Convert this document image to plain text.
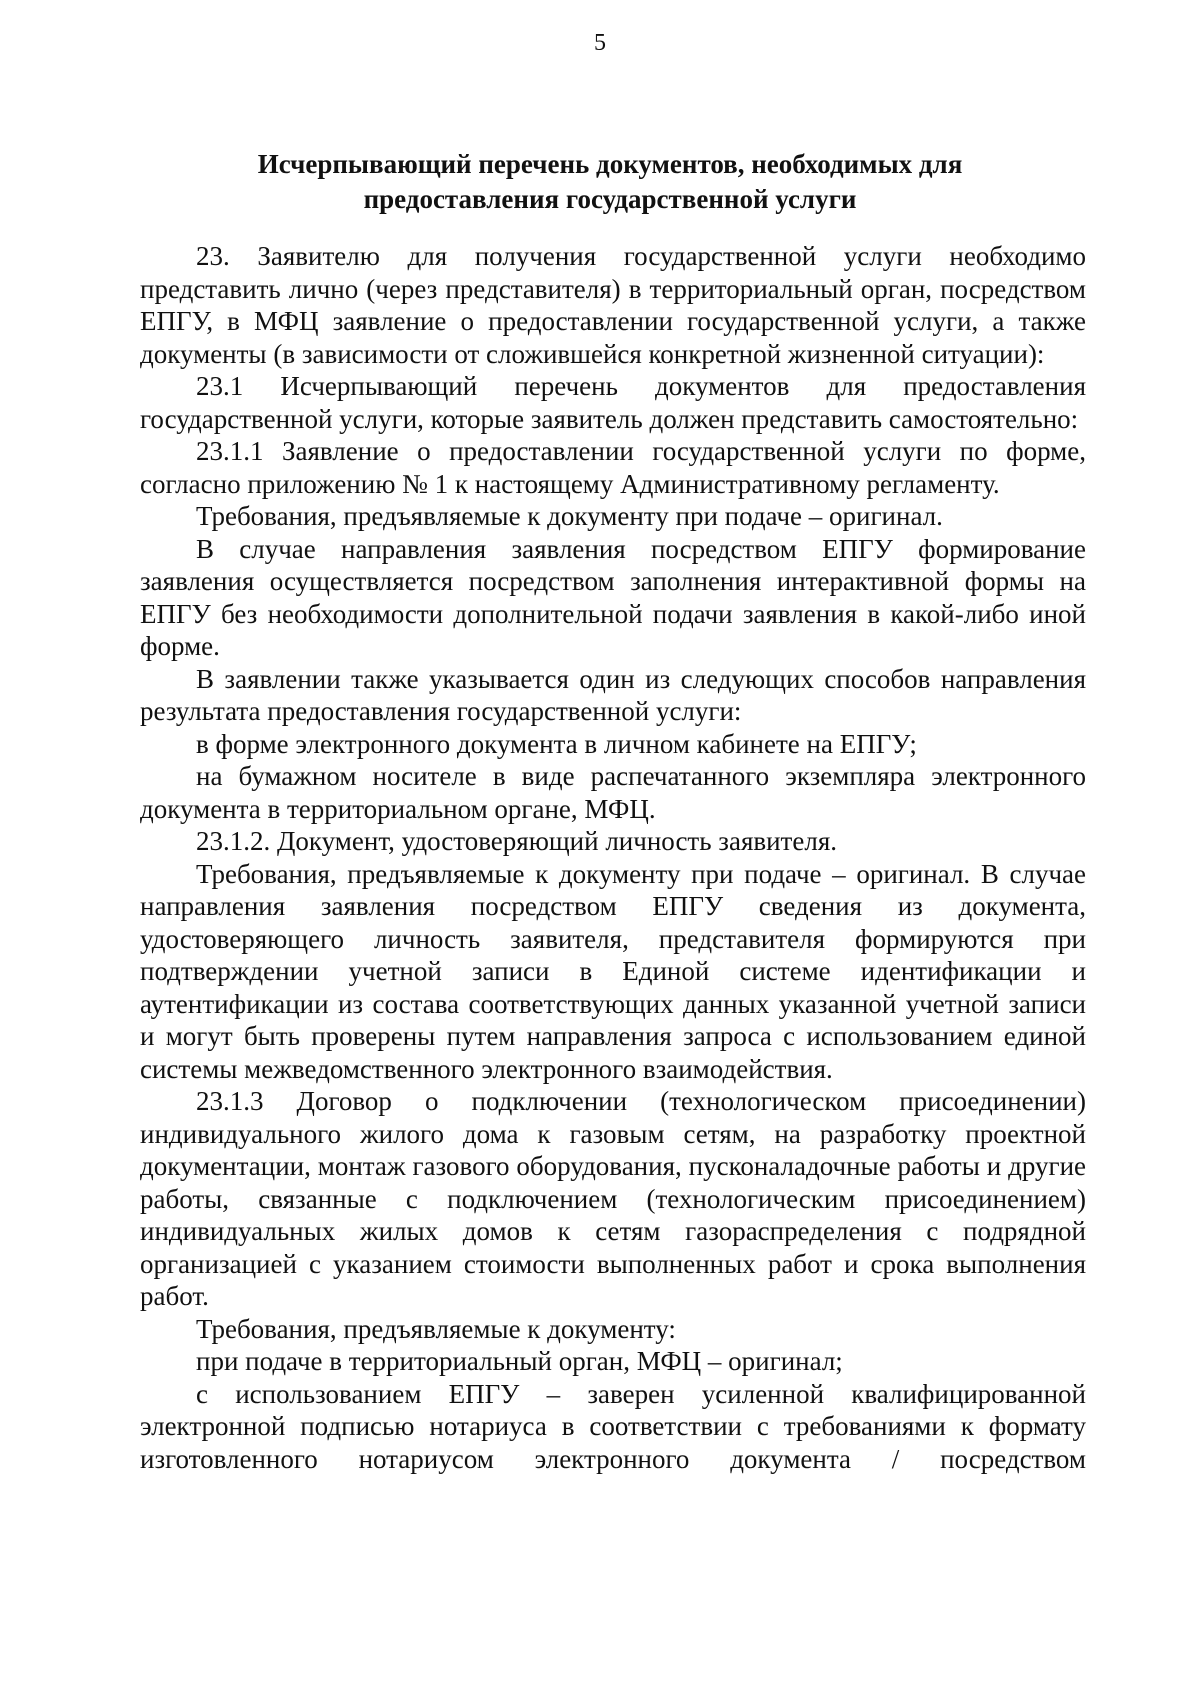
5
Исчерпывающий перечень документов, необходимых для
предоставления государственной услуги

23. Заявителю для получения государственной услуги необходимо представить лично (через представителя) в территориальный орган, посредством ЕПГУ, в МФЦ заявление о предоставлении государственной услуги, а также документы (в зависимости от сложившейся конкретной жизненной ситуации):

23.1 Исчерпывающий перечень документов для предоставления государственной услуги, которые заявитель должен представить самостоятельно:

23.1.1 Заявление о предоставлении государственной услуги по форме, согласно приложению № 1 к настоящему Административному регламенту.

Требования, предъявляемые к документу при подаче – оригинал.

В случае направления заявления посредством ЕПГУ формирование заявления осуществляется посредством заполнения интерактивной формы на ЕПГУ без необходимости дополнительной подачи заявления в какой-либо иной форме.

В заявлении также указывается один из следующих способов направления результата предоставления государственной услуги:

в форме электронного документа в личном кабинете на ЕПГУ;

на бумажном носителе в виде распечатанного экземпляра электронного документа в территориальном органе, МФЦ.

23.1.2. Документ, удостоверяющий личность заявителя.

Требования, предъявляемые к документу при подаче – оригинал. В случае направления заявления посредством ЕПГУ сведения из документа, удостоверяющего личность заявителя, представителя формируются при подтверждении учетной записи в Единой системе идентификации и аутентификации из состава соответствующих данных указанной учетной записи и могут быть проверены путем направления запроса с использованием единой системы межведомственного электронного взаимодействия.

23.1.3 Договор о подключении (технологическом присоединении) индивидуального жилого дома к газовым сетям, на разработку проектной документации, монтаж газового оборудования, пусконаладочные работы и другие работы, связанные с подключением (технологическим присоединением) индивидуальных жилых домов к сетям газораспределения с подрядной организацией с указанием стоимости выполненных работ и срока выполнения работ.

Требования, предъявляемые к документу:

при подаче в территориальный орган, МФЦ – оригинал;

с использованием ЕПГУ – заверен усиленной квалифицированной электронной подписью нотариуса в соответствии с требованиями к формату изготовленного нотариусом электронного документа / посредством
